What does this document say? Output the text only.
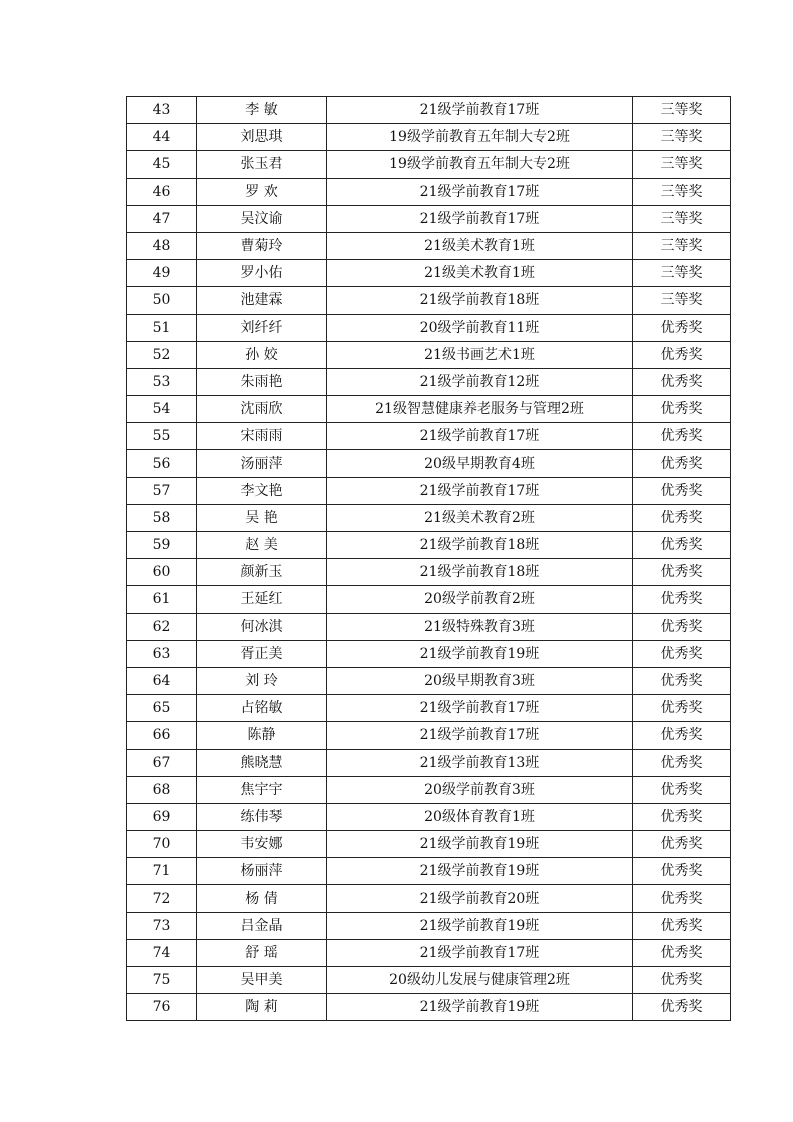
43	李 敏	21级学前教育17班	三等奖
44	刘思琪	19级学前教育五年制大专2班	三等奖
45	张玉君	19级学前教育五年制大专2班	三等奖
46	罗 欢	21级学前教育17班	三等奖
47	吴汶谕	21级学前教育17班	三等奖
48	曹菊玲	21级美术教育1班	三等奖
49	罗小佑	21级美术教育1班	三等奖
50	池建霖	21级学前教育18班	三等奖
51	刘纤纤	20级学前教育11班	优秀奖
52	孙 姣	21级书画艺术1班	优秀奖
53	朱雨艳	21级学前教育12班	优秀奖
54	沈雨欣	21级智慧健康养老服务与管理2班	优秀奖
55	宋雨雨	21级学前教育17班	优秀奖
56	汤丽萍	20级早期教育4班	优秀奖
57	李文艳	21级学前教育17班	优秀奖
58	吴 艳	21级美术教育2班	优秀奖
59	赵 美	21级学前教育18班	优秀奖
60	颜新玉	21级学前教育18班	优秀奖
61	王延红	20级学前教育2班	优秀奖
62	何冰淇	21级特殊教育3班	优秀奖
63	胥正美	21级学前教育19班	优秀奖
64	刘 玲	20级早期教育3班	优秀奖
65	占铭敏	21级学前教育17班	优秀奖
66	陈静	21级学前教育17班	优秀奖
67	熊晓慧	21级学前教育13班	优秀奖
68	焦宇宇	20级学前教育3班	优秀奖
69	练伟琴	20级体育教育1班	优秀奖
70	韦安娜	21级学前教育19班	优秀奖
71	杨丽萍	21级学前教育19班	优秀奖
72	杨 倩	21级学前教育20班	优秀奖
73	吕金晶	21级学前教育19班	优秀奖
74	舒 瑶	21级学前教育17班	优秀奖
75	吴甲美	20级幼儿发展与健康管理2班	优秀奖
76	陶 莉	21级学前教育19班	优秀奖
